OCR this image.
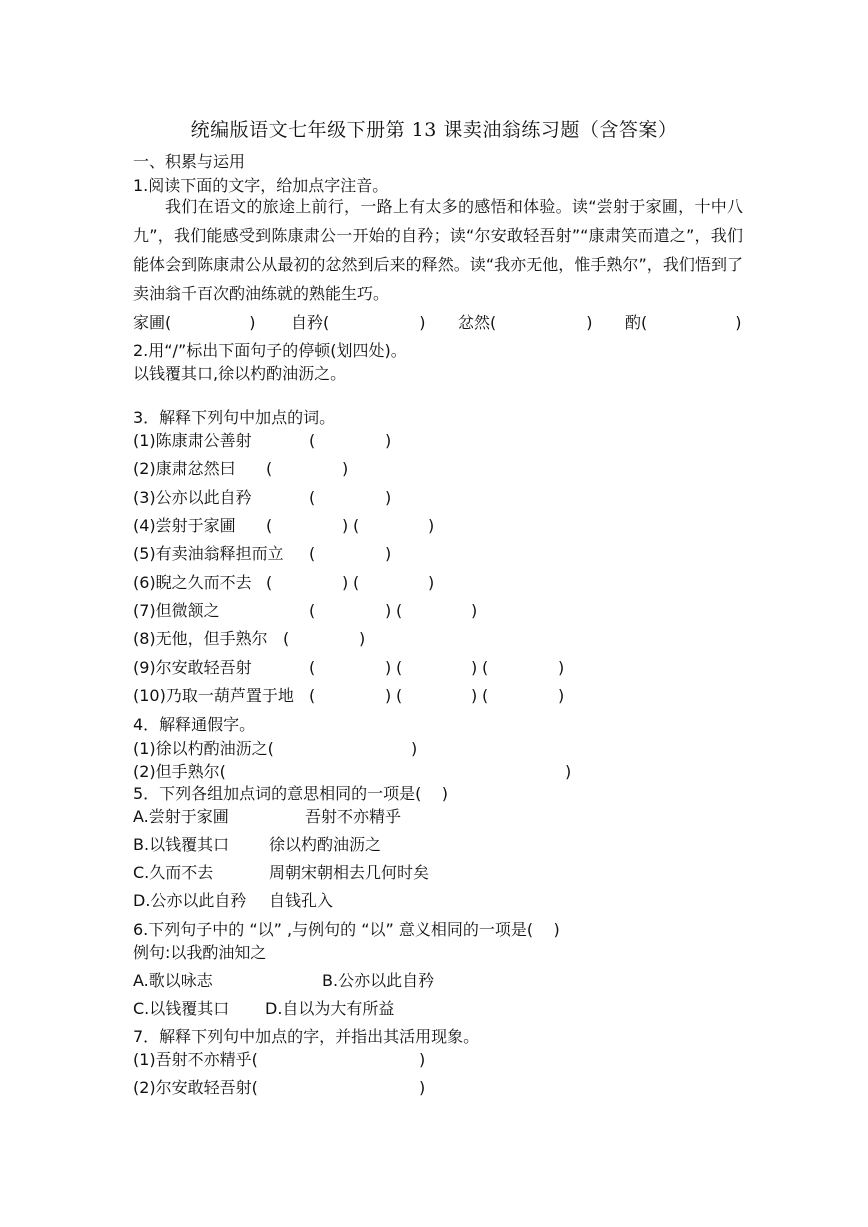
统编版语文七年级下册第 13 课卖油翁练习题（含答案）
一、积累与运用
1.阅读下面的文字，给加点字注音。
我们在语文的旅途上前行，一路上有太多的感悟和体验。读“尝射于家圃，十中八九”，我们能感受到陈康肃公一开始的自矜；读“尔安敢轻吾射”“康肃笑而遣之”，我们能体会到陈康肃公从最初的忿然到后来的释然。读“我亦无他，惟手熟尔”，我们悟到了卖油翁千百次酌油练就的熟能生巧。
家圃(	) 自矜(	) 忿然(	) 酌(	)
2.用“/”标出下面句子的停顿(划四处)。
以钱覆其口,徐以杓酌油沥之。
3．解释下列句中加点的词。
(1)陈康肃公善射	(	)
(2)康肃忿然曰 (	)
(3)公亦以此自矜	(	)
(4)尝射于家圃 (	) (	)
(5)有卖油翁释担而立 (	)
(6)睨之久而不去 (	) (	)
(7)但微颔之	(	) (	)
(8)无他，但手熟尔 (	)
(9)尔安敢轻吾射	(	) (	) (	)
(10)乃取一葫芦置于地 (	) (	) (	)
4．解释通假字。
(1)徐以杓酌油沥之(	)
(2)但手熟尔(	)
5．下列各组加点词的意思相同的一项是(    )
A.尝射于家圃	吾射不亦精乎
B.以钱覆其口 徐以杓酌油沥之
C.久而不去	周朝宋朝相去几何时矣
D.公亦以此自矜 自钱孔入
6.下列句子中的 “以” ,与例句的 “以” 意义相同的一项是(    )
例句:以我酌油知之
A.歌以咏志	B.公亦以此自矜
C.以钱覆其口 D.自以为大有所益
7．解释下列句中加点的字，并指出其活用现象。
(1)吾射不亦精乎(	)
(2)尔安敢轻吾射(	)
